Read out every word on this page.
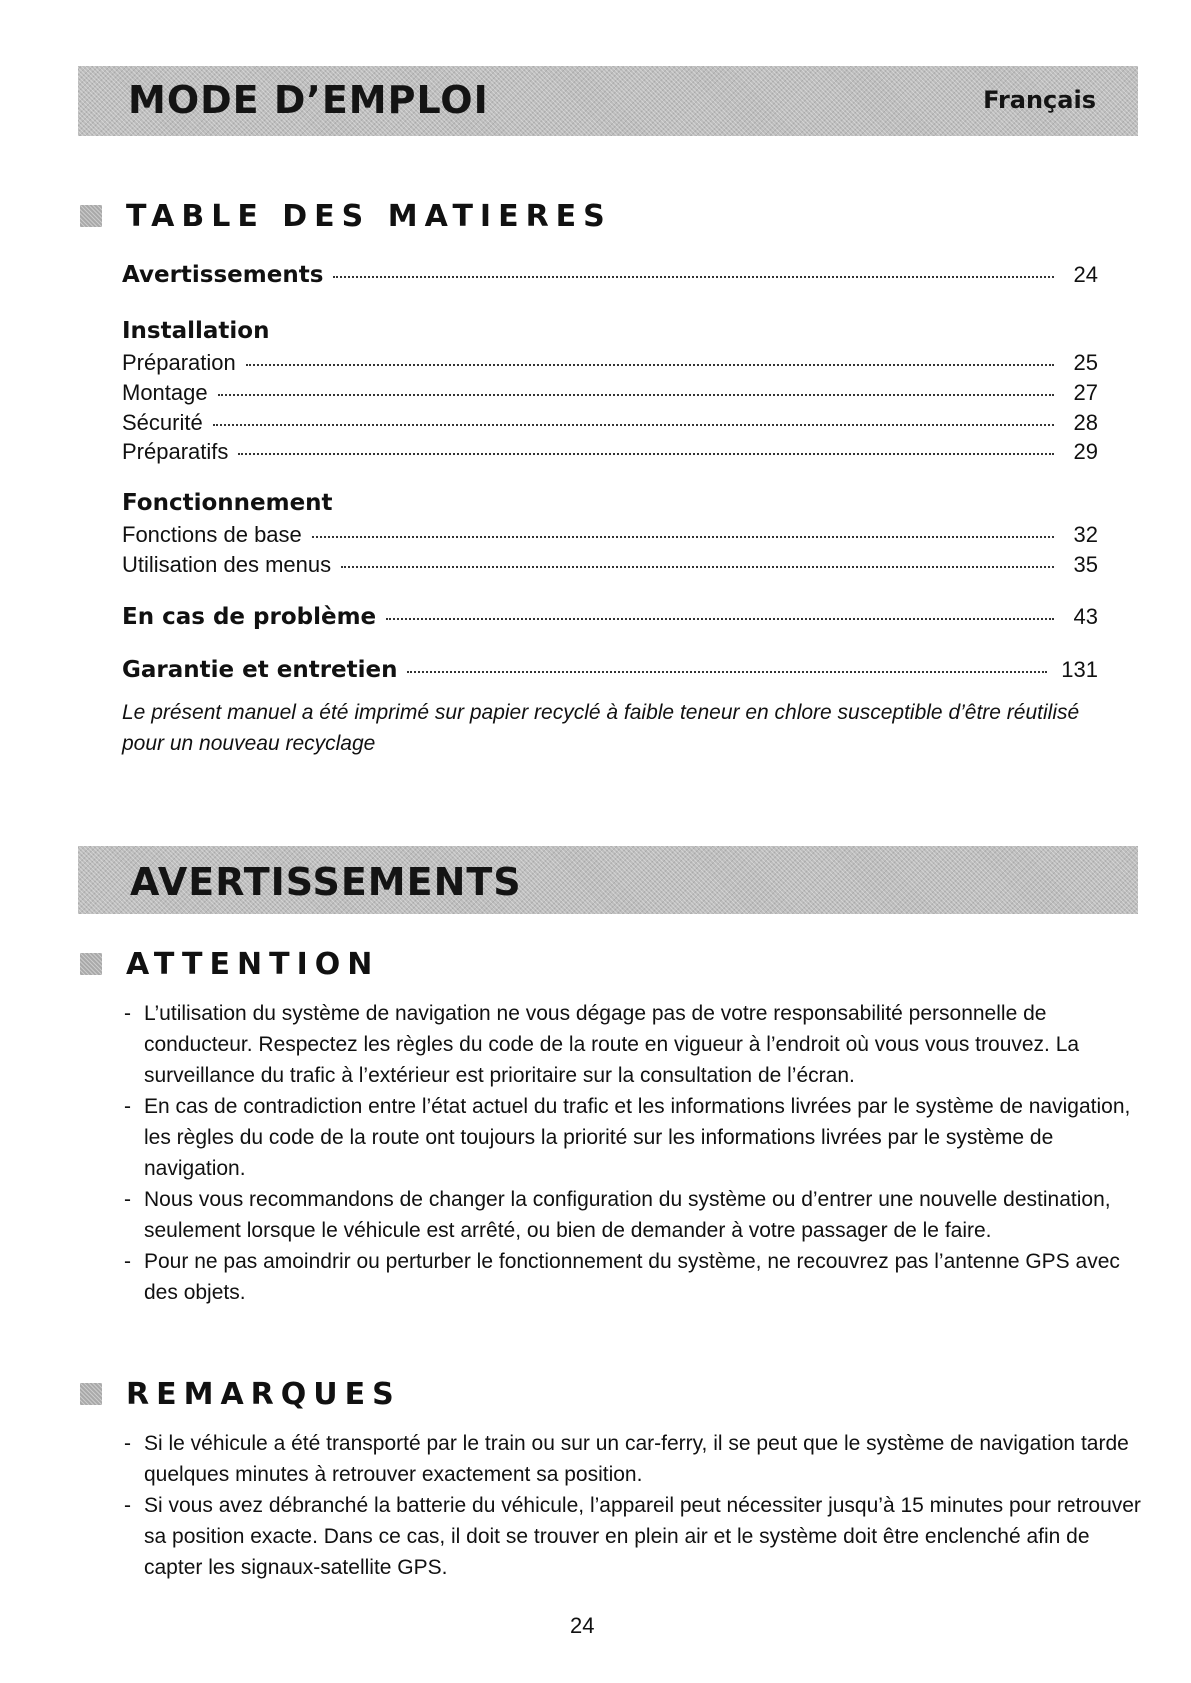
MODE D’EMPLOI	Français
TABLE DES MATIERES
Avertissements	24
Installation
Préparation	25
Montage	27
Sécurité	28
Préparatifs	29
Fonctionnement
Fonctions de base	32
Utilisation des menus	35
En cas de problème	43
Garantie et entretien	131
Le présent manuel a été imprimé sur papier recyclé à faible teneur en chlore susceptible d’être réutilisé pour un nouveau recyclage
AVERTISSEMENTS
ATTENTION
- L’utilisation du système de navigation ne vous dégage pas de votre responsabilité personnelle de conducteur. Respectez les règles du code de la route en vigueur à l’endroit où vous vous trouvez. La surveillance du trafic à l’extérieur est prioritaire sur la consultation de l’écran.
- En cas de contradiction entre l’état actuel du trafic et les informations livrées par le système de navigation, les règles du code de la route ont toujours la priorité sur les informations livrées par le système de navigation.
- Nous vous recommandons de changer la configuration du système ou d’entrer une nouvelle destination, seulement lorsque le véhicule est arrêté, ou bien de demander à votre passager de le faire.
- Pour ne pas amoindrir ou perturber le fonctionnement du système, ne recouvrez pas l’antenne GPS avec des objets.
REMARQUES
- Si le véhicule a été transporté par le train ou sur un car-ferry, il se peut que le système de navigation tarde quelques minutes à retrouver exactement sa position.
- Si vous avez débranché la batterie du véhicule, l’appareil peut nécessiter jusqu’à 15 minutes pour retrouver sa position exacte. Dans ce cas, il doit se trouver en plein air et le système doit être enclenché afin de capter les signaux-satellite GPS.
24
